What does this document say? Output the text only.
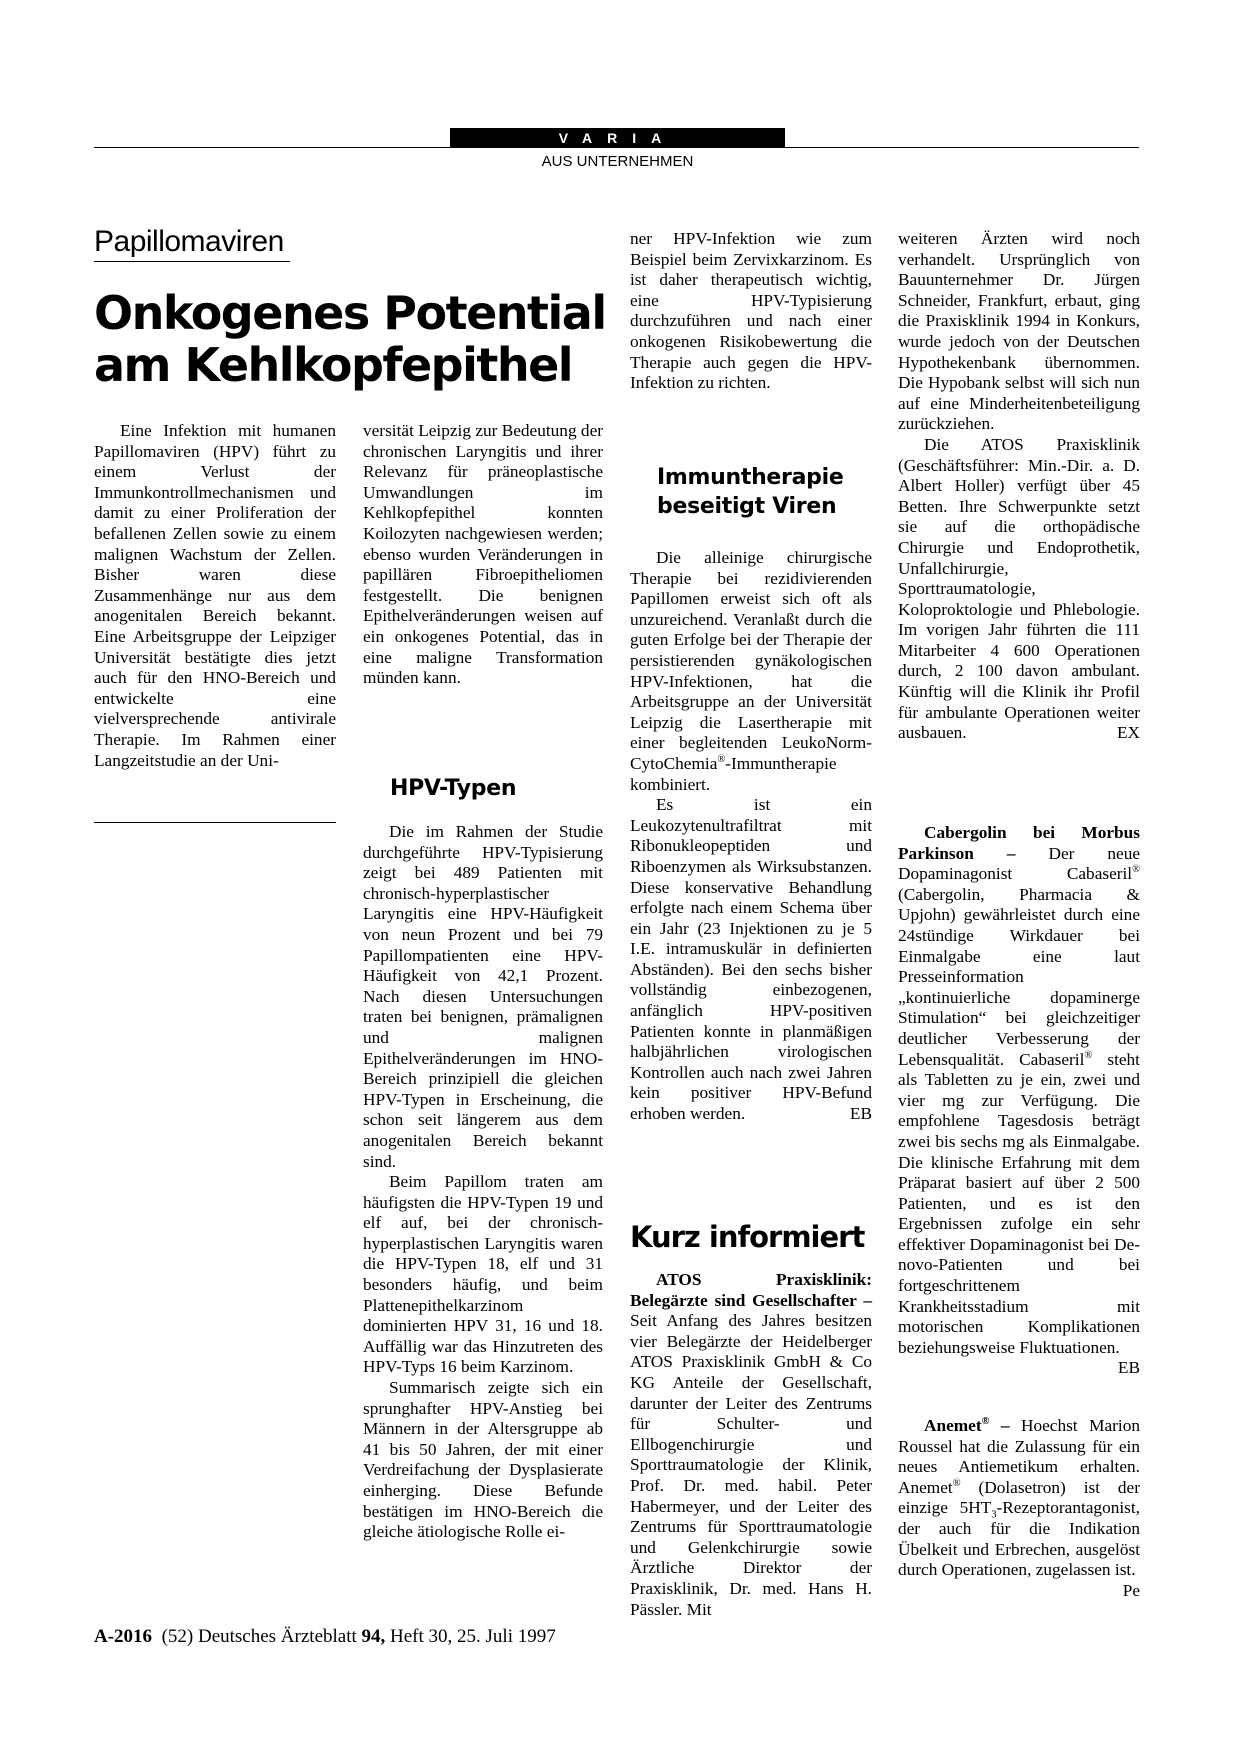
VARIA
AUS UNTERNEHMEN
Papillomaviren
Onkogenes Potential
am Kehlkopfepithel

Eine Infektion mit humanen Papillomaviren (HPV) führt zu einem Verlust der Immunkontrollmechanismen und damit zu einer Proliferation der befallenen Zellen sowie zu einem malignen Wachstum der Zellen. Bisher waren diese Zusammenhänge nur aus dem anogenitalen Bereich bekannt. Eine Arbeitsgruppe der Leipziger Universität bestätigte dies jetzt auch für den HNO-Bereich und entwickelte eine vielversprechende antivirale Therapie. Im Rahmen einer Langzeitstudie an der Uni-

versität Leipzig zur Bedeutung der chronischen Laryngitis und ihrer Relevanz für präneoplastische Umwandlungen im Kehlkopfepithel konnten Koilozyten nachgewiesen werden; ebenso wurden Veränderungen in papillären Fibroepitheliomen festgestellt. Die benignen Epithelveränderungen weisen auf ein onkogenes Potential, das in eine maligne Transformation münden kann.

HPV-Typen

Die im Rahmen der Studie durchgeführte HPV-Typisierung zeigt bei 489 Patienten mit chronisch-hyperplastischer Laryngitis eine HPV-Häufigkeit von neun Prozent und bei 79 Papillompatienten eine HPV-Häufigkeit von 42,1 Prozent. Nach diesen Untersuchungen traten bei benignen, prämalignen und malignen Epithelveränderungen im HNO-Bereich prinzipiell die gleichen HPV-Typen in Erscheinung, die schon seit längerem aus dem anogenitalen Bereich bekannt sind.

Beim Papillom traten am häufigsten die HPV-Typen 19 und elf auf, bei der chronisch-hyperplastischen Laryngitis waren die HPV-Typen 18, elf und 31 besonders häufig, und beim Plattenepithelkarzinom dominierten HPV 31, 16 und 18. Auffällig war das Hinzutreten des HPV-Typs 16 beim Karzinom.

Summarisch zeigte sich ein sprunghafter HPV-Anstieg bei Männern in der Altersgruppe ab 41 bis 50 Jahren, der mit einer Verdreifachung der Dysplasierate einherging. Diese Befunde bestätigen im HNO-Bereich die gleiche ätiologische Rolle ei-

ner HPV-Infektion wie zum Beispiel beim Zervixkarzinom. Es ist daher therapeutisch wichtig, eine HPV-Typisierung durchzuführen und nach einer onkogenen Risikobewertung die Therapie auch gegen die HPV-Infektion zu richten.

Immuntherapie
beseitigt Viren

Die alleinige chirurgische Therapie bei rezidivierenden Papillomen erweist sich oft als unzureichend. Veranlaßt durch die guten Erfolge bei der Therapie der persistierenden gynäkologischen HPV-Infektionen, hat die Arbeitsgruppe an der Universität Leipzig die Lasertherapie mit einer begleitenden LeukoNorm-CytoChemia®-Immuntherapie kombiniert.

Es ist ein Leukozytenultrafiltrat mit Ribonukleopeptiden und Riboenzymen als Wirksubstanzen. Diese konservative Behandlung erfolgte nach einem Schema über ein Jahr (23 Injektionen zu je 5 I.E. intramuskulär in definierten Abständen). Bei den sechs bisher vollständig einbezogenen, anfänglich HPV-positiven Patienten konnte in planmäßigen halbjährlichen virologischen Kontrollen auch nach zwei Jahren kein positiver HPV-Befund erhoben werden.	EB

Kurz informiert

ATOS Praxisklinik: Belegärzte sind Gesellschafter – Seit Anfang des Jahres besitzen vier Belegärzte der Heidelberger ATOS Praxisklinik GmbH & Co KG Anteile der Gesellschaft, darunter der Leiter des Zentrums für Schulter- und Ellbogenchirurgie und Sporttraumatologie der Klinik, Prof. Dr. med. habil. Peter Habermeyer, und der Leiter des Zentrums für Sporttraumatologie und Gelenkchirurgie sowie Ärztliche Direktor der Praxisklinik, Dr. med. Hans H. Pässler. Mit

weiteren Ärzten wird noch verhandelt. Ursprünglich von Bauunternehmer Dr. Jürgen Schneider, Frankfurt, erbaut, ging die Praxisklinik 1994 in Konkurs, wurde jedoch von der Deutschen Hypothekenbank übernommen. Die Hypobank selbst will sich nun auf eine Minderheitenbeteiligung zurückziehen.

Die ATOS Praxisklinik (Geschäftsführer: Min.-Dir. a. D. Albert Holler) verfügt über 45 Betten. Ihre Schwerpunkte setzt sie auf die orthopädische Chirurgie und Endoprothetik, Unfallchirurgie, Sporttraumatologie, Koloproktologie und Phlebologie. Im vorigen Jahr führten die 111 Mitarbeiter 4 600 Operationen durch, 2 100 davon ambulant. Künftig will die Klinik ihr Profil für ambulante Operationen weiter ausbauen.	EX

Cabergolin bei Morbus Parkinson – Der neue Dopaminagonist Cabaseril® (Cabergolin, Pharmacia & Upjohn) gewährleistet durch eine 24stündige Wirkdauer bei Einmalgabe eine laut Presseinformation „kontinuierliche dopaminerge Stimulation“ bei gleichzeitiger deutlicher Verbesserung der Lebensqualität. Cabaseril® steht als Tabletten zu je ein, zwei und vier mg zur Verfügung. Die empfohlene Tagesdosis beträgt zwei bis sechs mg als Einmalgabe. Die klinische Erfahrung mit dem Präparat basiert auf über 2 500 Patienten, und es ist den Ergebnissen zufolge ein sehr effektiver Dopaminagonist bei De-novo-Patienten und bei fortgeschrittenem Krankheitsstadium mit motorischen Komplikationen beziehungsweise Fluktuationen.
EB

Anemet® – Hoechst Marion Roussel hat die Zulassung für ein neues Antiemetikum erhalten. Anemet® (Dolasetron) ist der einzige $5HT_3$-Rezeptorantagonist, der auch für die Indikation Übelkeit und Erbrechen, ausgelöst durch Operationen, zugelassen ist.
Pe

A-2016 (52) Deutsches Ärzteblatt 94, Heft 30, 25. Juli 1997
